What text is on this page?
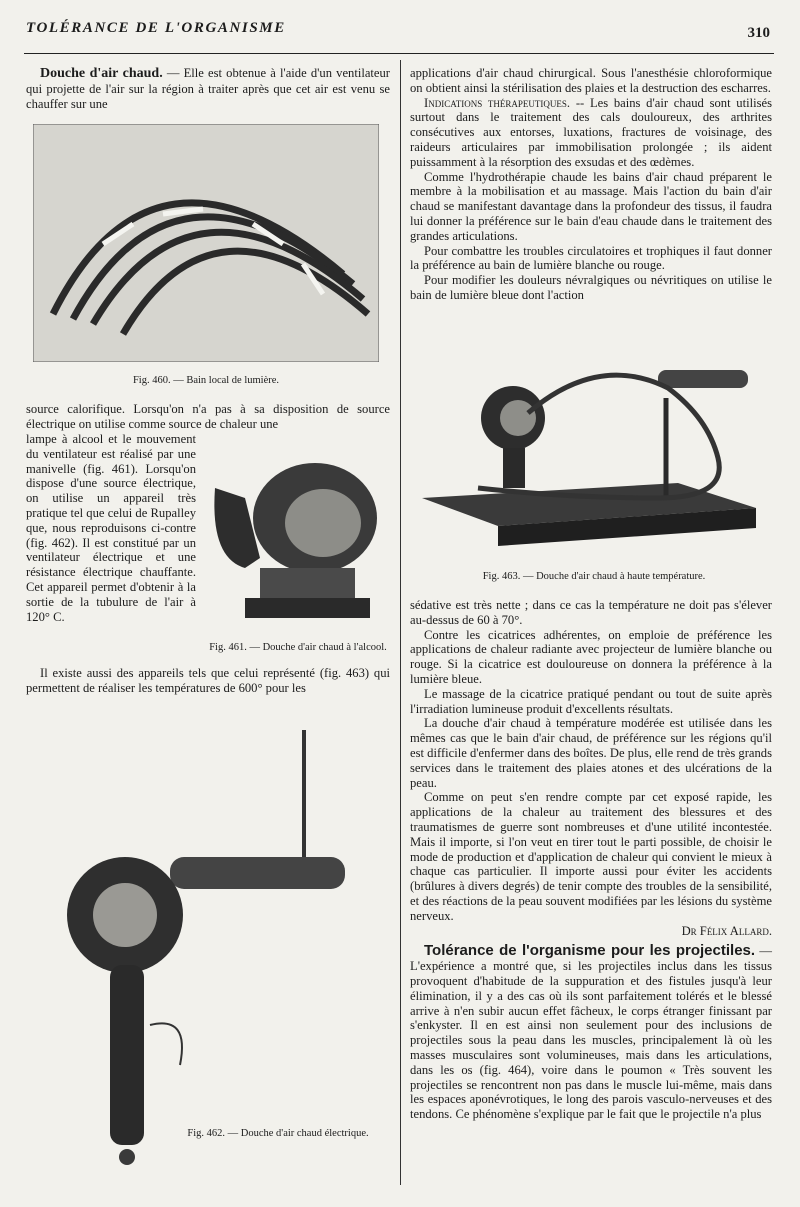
TOLÉRANCE DE L'ORGANISME	310

Douche d'air chaud. — Elle est obtenue à l'aide d'un ventilateur qui projette de l'air sur la région à traiter après que cet air est venu se chauffer sur une

Fig. 460. — Bain local de lumière.

source calorifique. Lorsqu'on n'a pas à sa disposition de source électrique on utilise comme source de chaleur une

lampe à alcool et le mouvement du ventilateur est réalisé par une manivelle (fig. 461). Lorsqu'on dispose d'une source électrique, on utilise un appareil très pratique tel que celui de Rupalley que, nous reproduisons ci-contre (fig. 462). Il est constitué par un ventilateur électrique et une résistance électrique chauffante. Cet appareil permet d'obtenir à la sortie de la tubulure de l'air à 120° C.

Fig. 461. — Douche d'air chaud à l'alcool.

Il existe aussi des appareils tels que celui représenté (fig. 463) qui permettent de réaliser les températures de 600° pour les

Fig. 462. — Douche d'air chaud électrique.

applications d'air chaud chirurgical. Sous l'anesthésie chloroformique on obtient ainsi la stérilisation des plaies et la destruction des escharres.

Indications thérapeutiques. -- Les bains d'air chaud sont utilisés surtout dans le traitement des cals douloureux, des arthrites consécutives aux entorses, luxations, fractures de voisinage, des raideurs articulaires par immobilisation prolongée ; ils aident puissamment à la résorption des exsudas et des œdèmes.

Comme l'hydrothérapie chaude les bains d'air chaud préparent le membre à la mobilisation et au massage. Mais l'action du bain d'air chaud se manifestant davantage dans la profondeur des tissus, il faudra lui donner la préférence sur le bain d'eau chaude dans le traitement des grandes articulations.

Pour combattre les troubles circulatoires et trophiques il faut donner la préférence au bain de lumière blanche ou rouge.

Pour modifier les douleurs névralgiques ou névritiques on utilise le bain de lumière bleue dont l'action

Fig. 463. — Douche d'air chaud à haute température.

sédative est très nette ; dans ce cas la température ne doit pas s'élever au-dessus de 60 à 70°.

Contre les cicatrices adhérentes, on emploie de préférence les applications de chaleur radiante avec projecteur de lumière blanche ou rouge. Si la cicatrice est douloureuse on donnera la préférence à la lumière bleue.

Le massage de la cicatrice pratiqué pendant ou tout de suite après l'irradiation lumineuse produit d'excellents résultats.

La douche d'air chaud à température modérée est utilisée dans les mêmes cas que le bain d'air chaud, de préférence sur les régions qu'il est difficile d'enfermer dans des boîtes. De plus, elle rend de très grands services dans le traitement des plaies atones et des ulcérations de la peau.

Comme on peut s'en rendre compte par cet exposé rapide, les applications de la chaleur au traitement des blessures et des traumatismes de guerre sont nombreuses et d'une utilité incontestée. Mais il importe, si l'on veut en tirer tout le parti possible, de choisir le mode de production et d'application de chaleur qui convient le mieux à chaque cas particulier. Il importe aussi pour éviter les accidents (brûlures à divers degrés) de tenir compte des troubles de la sensibilité, et des réactions de la peau souvent modifiées par les lésions du système nerveux.

Dr Félix Allard.

Tolérance de l'organisme pour les projectiles. — L'expérience a montré que, si les projectiles inclus dans les tissus provoquent d'habitude de la suppuration et des fistules jusqu'à leur élimination, il y a des cas où ils sont parfaitement tolérés et le blessé arrive à n'en subir aucun effet fâcheux, le corps étranger finissant par s'enkyster. Il en est ainsi non seulement pour des inclusions de projectiles sous la peau dans les muscles, principalement là où les masses musculaires sont volumineuses, mais dans les articulations, dans les os (fig. 464), voire dans le poumon « Très souvent les projectiles se rencontrent non pas dans le muscle lui-même, mais dans les espaces aponévrotiques, le long des parois vasculo-nerveuses et des tendons. Ce phénomène s'explique par le fait que le projectile n'a plus
